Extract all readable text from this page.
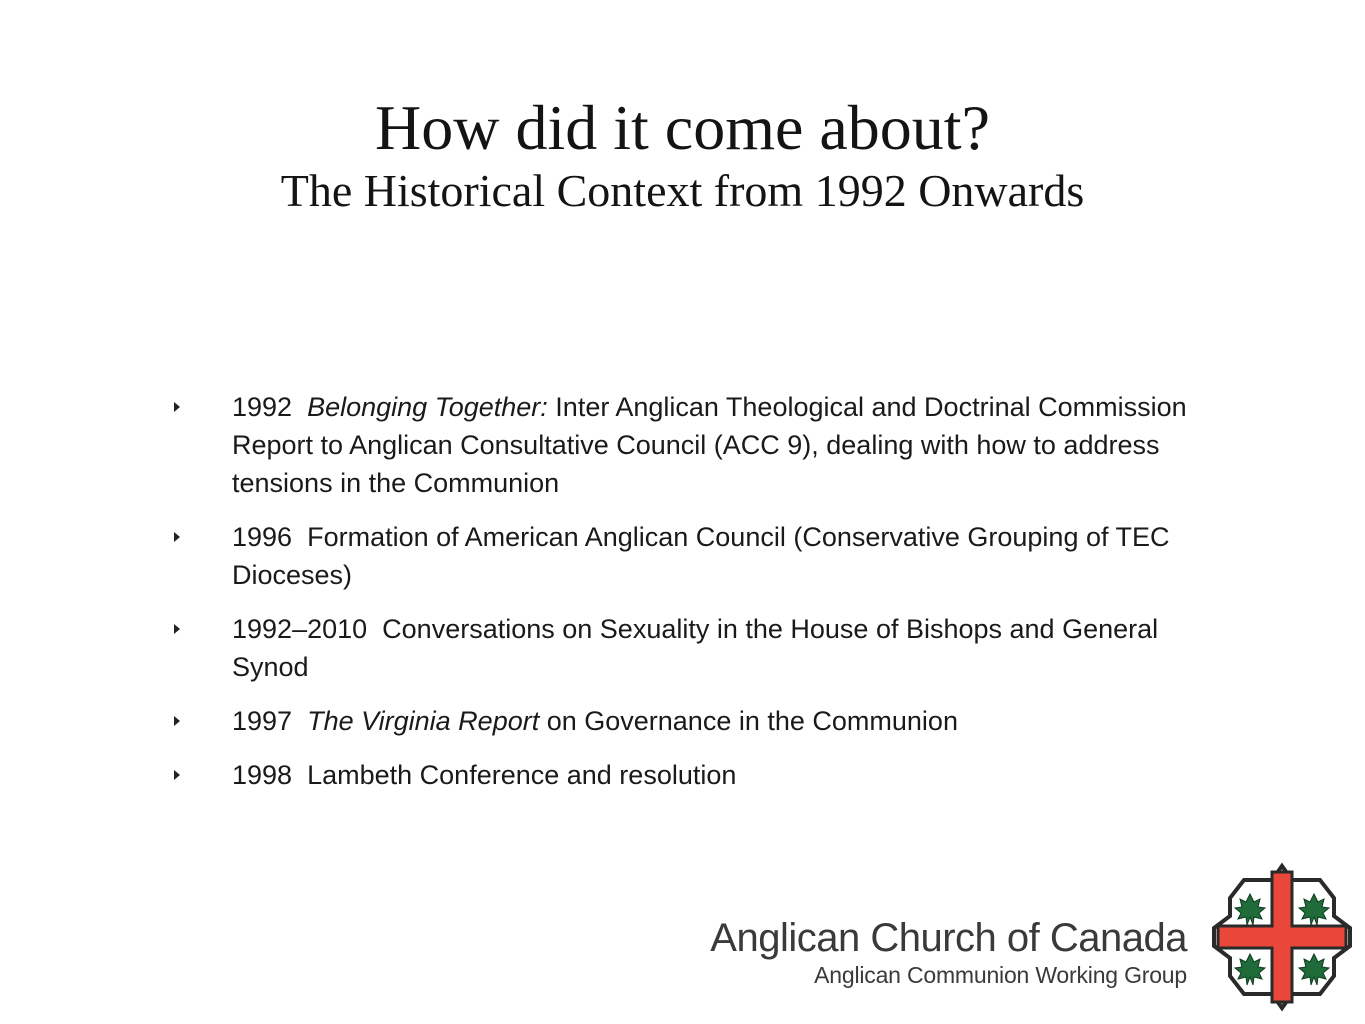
How did it come about?
The Historical Context from 1992 Onwards
1992 Belonging Together: Inter Anglican Theological and Doctrinal Commission Report to Anglican Consultative Council (ACC 9), dealing with how to address tensions in the Communion
1996 Formation of American Anglican Council (Conservative Grouping of TEC Dioceses)
1992–2010 Conversations on Sexuality in the House of Bishops and General Synod
1997 The Virginia Report on Governance in the Communion
1998 Lambeth Conference and resolution
Anglican Church of Canada
Anglican Communion Working Group
